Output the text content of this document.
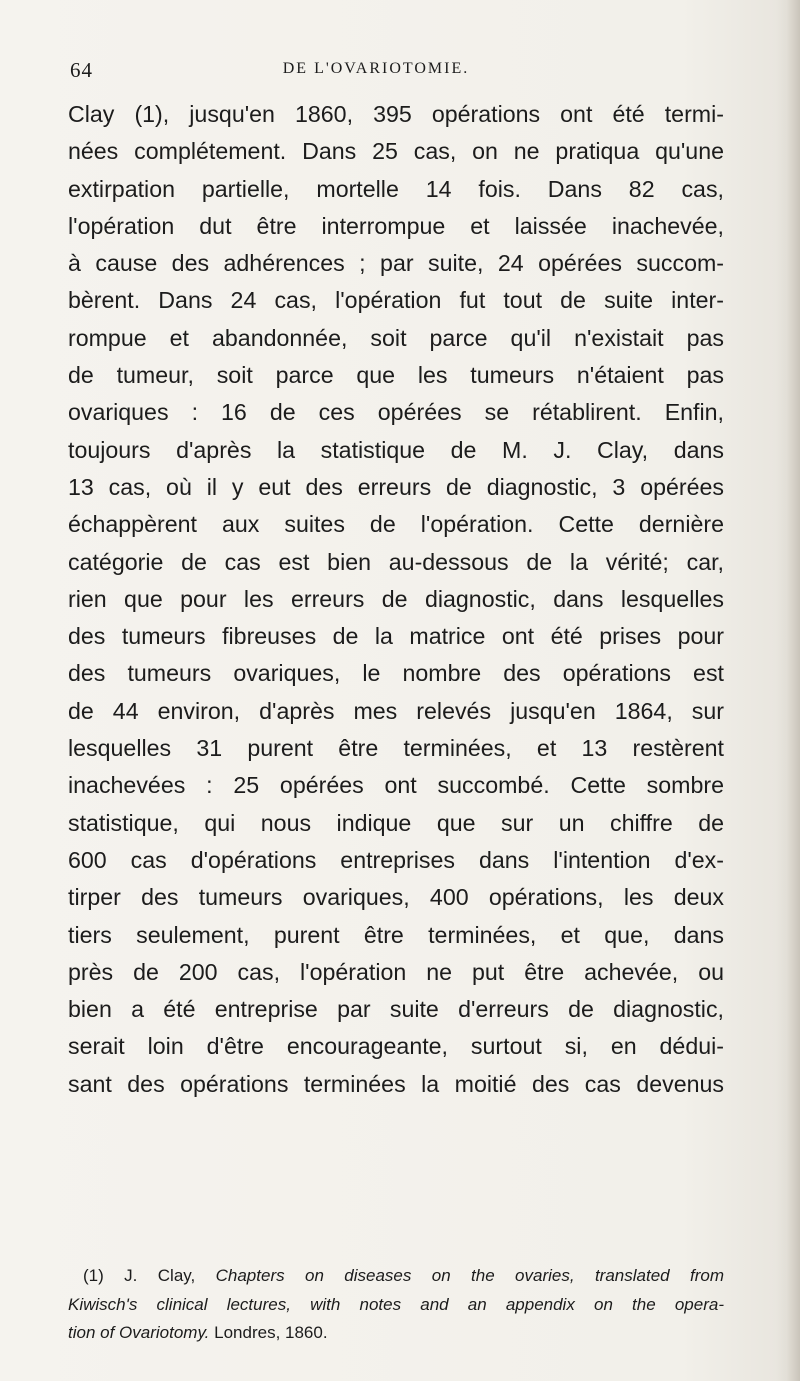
64	DE L'OVARIOTOMIE.
Clay (1), jusqu'en 1860, 395 opérations ont été termi-
nées complétement. Dans 25 cas, on ne pratiqua qu'une
extirpation partielle, mortelle 14 fois. Dans 82 cas,
l'opération dut être interrompue et laissée inachevée,
à cause des adhérences ; par suite, 24 opérées succom-
bèrent. Dans 24 cas, l'opération fut tout de suite inter-
rompue et abandonnée, soit parce qu'il n'existait pas
de tumeur, soit parce que les tumeurs n'étaient pas
ovariques : 16 de ces opérées se rétablirent. Enfin,
toujours d'après la statistique de M. J. Clay, dans
13 cas, où il y eut des erreurs de diagnostic, 3 opérées
échappèrent aux suites de l'opération. Cette dernière
catégorie de cas est bien au-dessous de la vérité; car,
rien que pour les erreurs de diagnostic, dans lesquelles
des tumeurs fibreuses de la matrice ont été prises pour
des tumeurs ovariques, le nombre des opérations est
de 44 environ, d'après mes relevés jusqu'en 1864, sur
lesquelles 31 purent être terminées, et 13 restèrent
inachevées : 25 opérées ont succombé. Cette sombre
statistique, qui nous indique que sur un chiffre de
600 cas d'opérations entreprises dans l'intention d'ex-
tirper des tumeurs ovariques, 400 opérations, les deux
tiers seulement, purent être terminées, et que, dans
près de 200 cas, l'opération ne put être achevée, ou
bien a été entreprise par suite d'erreurs de diagnostic,
serait loin d'être encourageante, surtout si, en dédui-
sant des opérations terminées la moitié des cas devenus
(1) J. Clay, Chapters on diseases on the ovaries, translated from
Kiwisch's clinical lectures, with notes and an appendix on the opera-
tion of Ovariotomy. Londres, 1860.
